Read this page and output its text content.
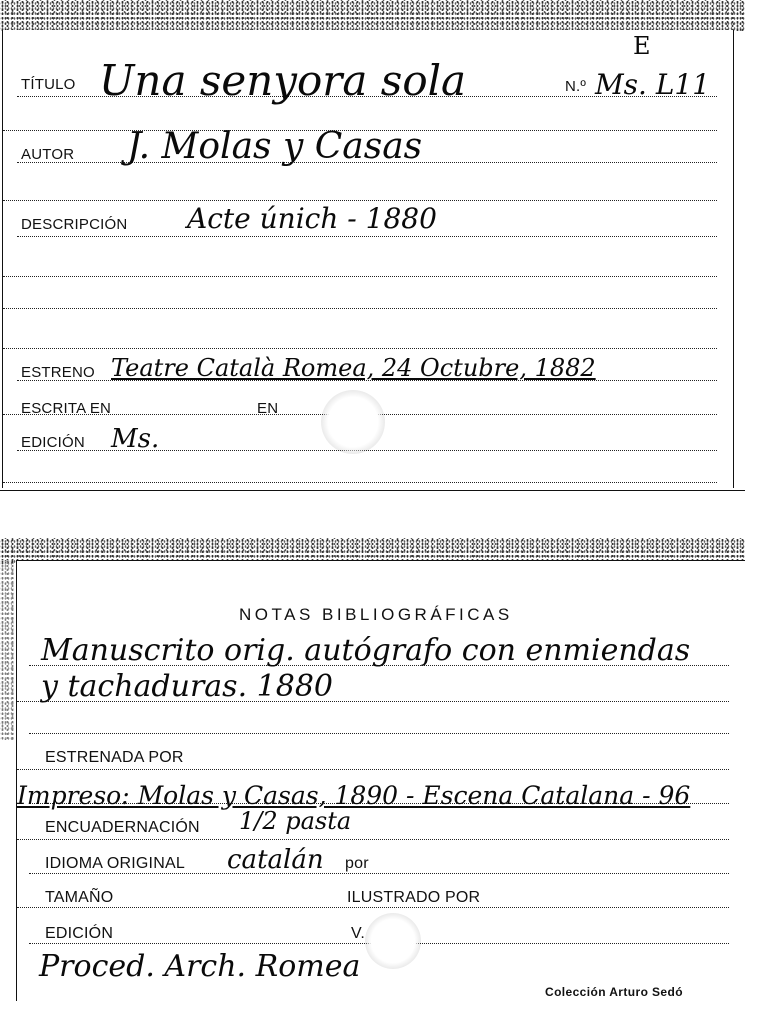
TÍTULO Una senyora sola	N.º Ms. L11
E
AUTOR J. Molas y Casas
DESCRIPCIÓN Acte únich - 1880
ESTRENO Teatre Català Romea, 24 Octubre, 1882
ESCRITA EN	EN
EDICIÓN Ms.
NOTAS BIBLIOGRÁFICAS
Manuscrito orig. autógrafo con enmiendas
y tachaduras. 1880
ESTRENADA POR
Impreso: Molas y Casas, 1890 - Escena Catalana - 96
ENCUADERNACIÓN 1/2 pasta
IDIOMA ORIGINAL catalán por
TAMAÑO	ILUSTRADO POR
EDICIÓN	V.
Proced. Arch. Romea
Colección Arturo Sedó
